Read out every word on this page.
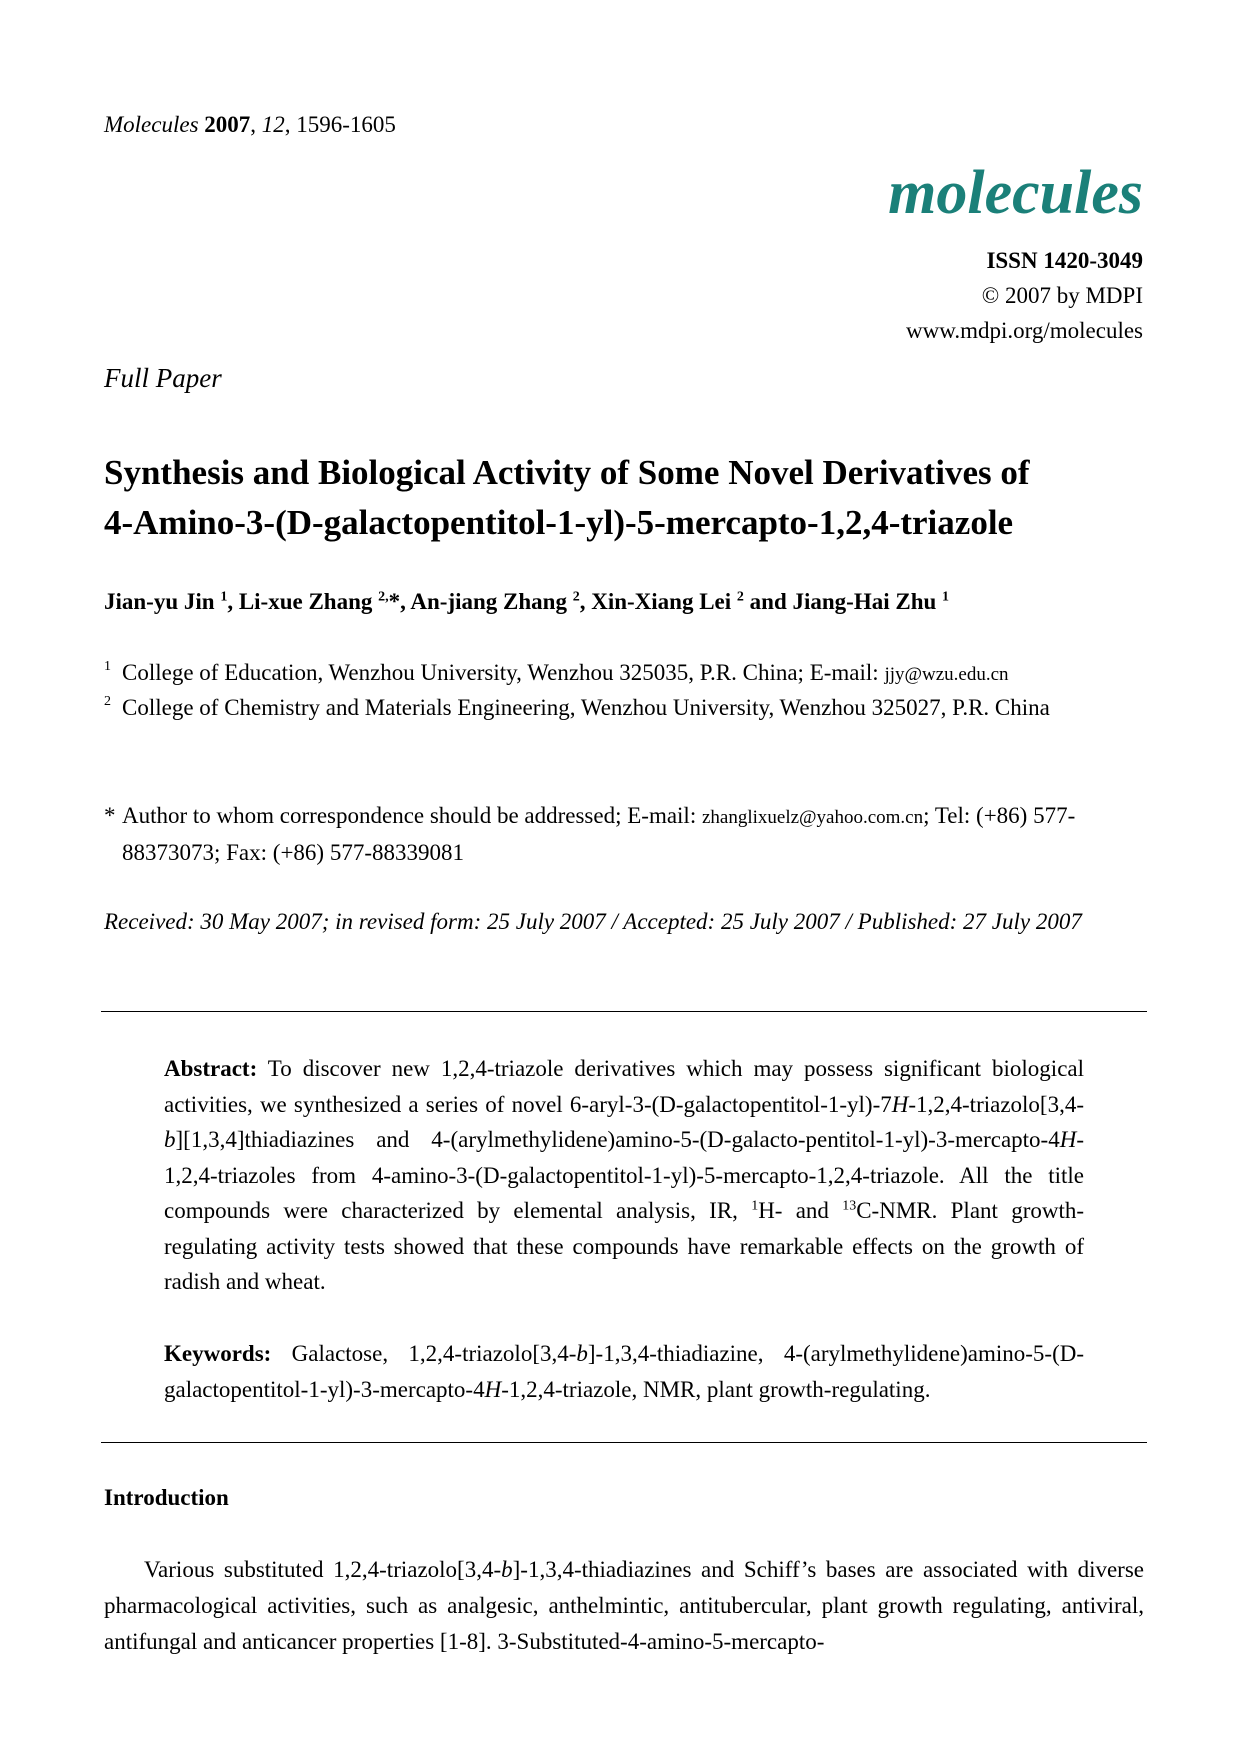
Molecules 2007, 12, 1596-1605
molecules
ISSN 1420-3049
© 2007 by MDPI
www.mdpi.org/molecules
Full Paper
Synthesis and Biological Activity of Some Novel Derivatives of
4-Amino-3-(D-galactopentitol-1-yl)-5-mercapto-1,2,4-triazole
Jian-yu Jin $^1$, Li-xue Zhang $^{2,}$*, An-jiang Zhang $^2$, Xin-Xiang Lei $^2$ and Jiang-Hai Zhu $^1$
1 College of Education, Wenzhou University, Wenzhou 325035, P.R. China; E-mail: jjy@wzu.edu.cn
2 College of Chemistry and Materials Engineering, Wenzhou University, Wenzhou 325027, P.R. China
* Author to whom correspondence should be addressed; E-mail: zhanglixuelz@yahoo.com.cn; Tel: (+86) 577-88373073; Fax: (+86) 577-88339081
Received: 30 May 2007; in revised form: 25 July 2007 / Accepted: 25 July 2007 / Published: 27 July 2007
Abstract: To discover new 1,2,4-triazole derivatives which may possess significant biological activities, we synthesized a series of novel 6-aryl-3-(D-galactopentitol-1-yl)-7H-1,2,4-triazolo[3,4-b][1,3,4]thiadiazines and 4-(arylmethylidene)amino-5-(D-galacto-pentitol-1-yl)-3-mercapto-4H-1,2,4-triazoles from 4-amino-3-(D-galactopentitol-1-yl)-5-mercapto-1,2,4-triazole. All the title compounds were characterized by elemental analysis, IR, $^1$H- and $^{13}$C-NMR. Plant growth-regulating activity tests showed that these compounds have remarkable effects on the growth of radish and wheat.
Keywords: Galactose, 1,2,4-triazolo[3,4-b]-1,3,4-thiadiazine, 4-(arylmethylidene)amino-5-(D-galactopentitol-1-yl)-3-mercapto-4H-1,2,4-triazole, NMR, plant growth-regulating.
Introduction
Various substituted 1,2,4-triazolo[3,4-b]-1,3,4-thiadiazines and Schiff’s bases are associated with diverse pharmacological activities, such as analgesic, anthelmintic, antitubercular, plant growth regulating, antiviral, antifungal and anticancer properties [1-8]. 3-Substituted-4-amino-5-mercapto-
